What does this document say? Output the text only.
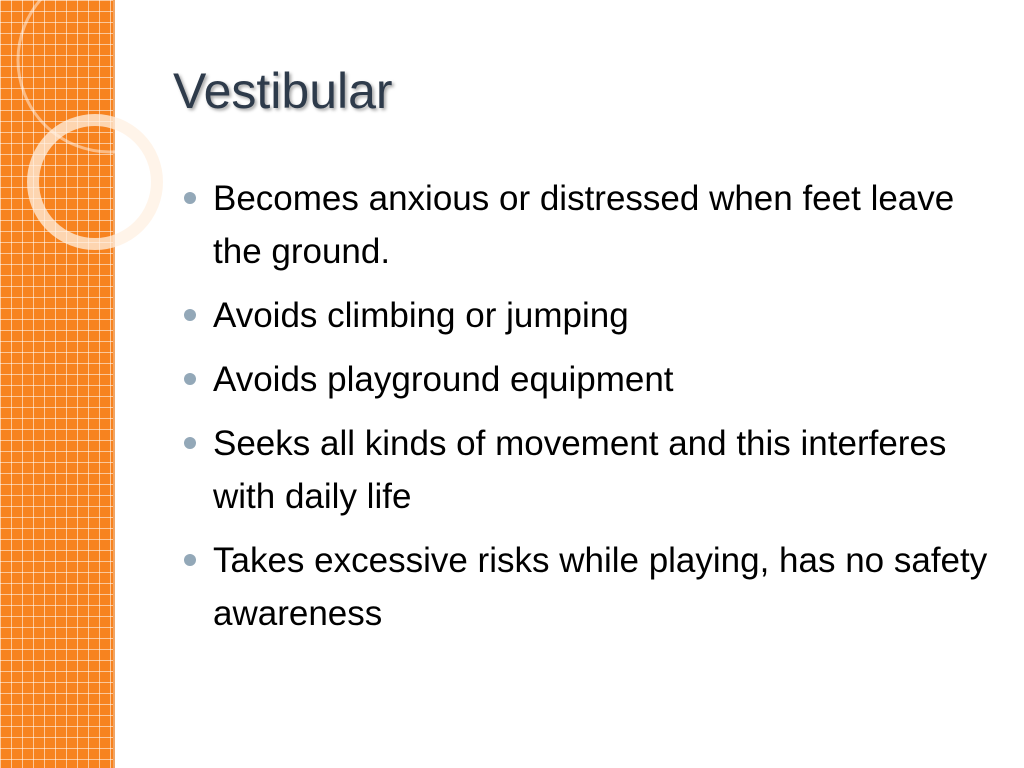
Vestibular
Becomes anxious or distressed when feet leave the ground.
Avoids climbing or jumping
Avoids playground equipment
Seeks all kinds of movement and this interferes with daily life
Takes excessive risks while playing, has no safety awareness
